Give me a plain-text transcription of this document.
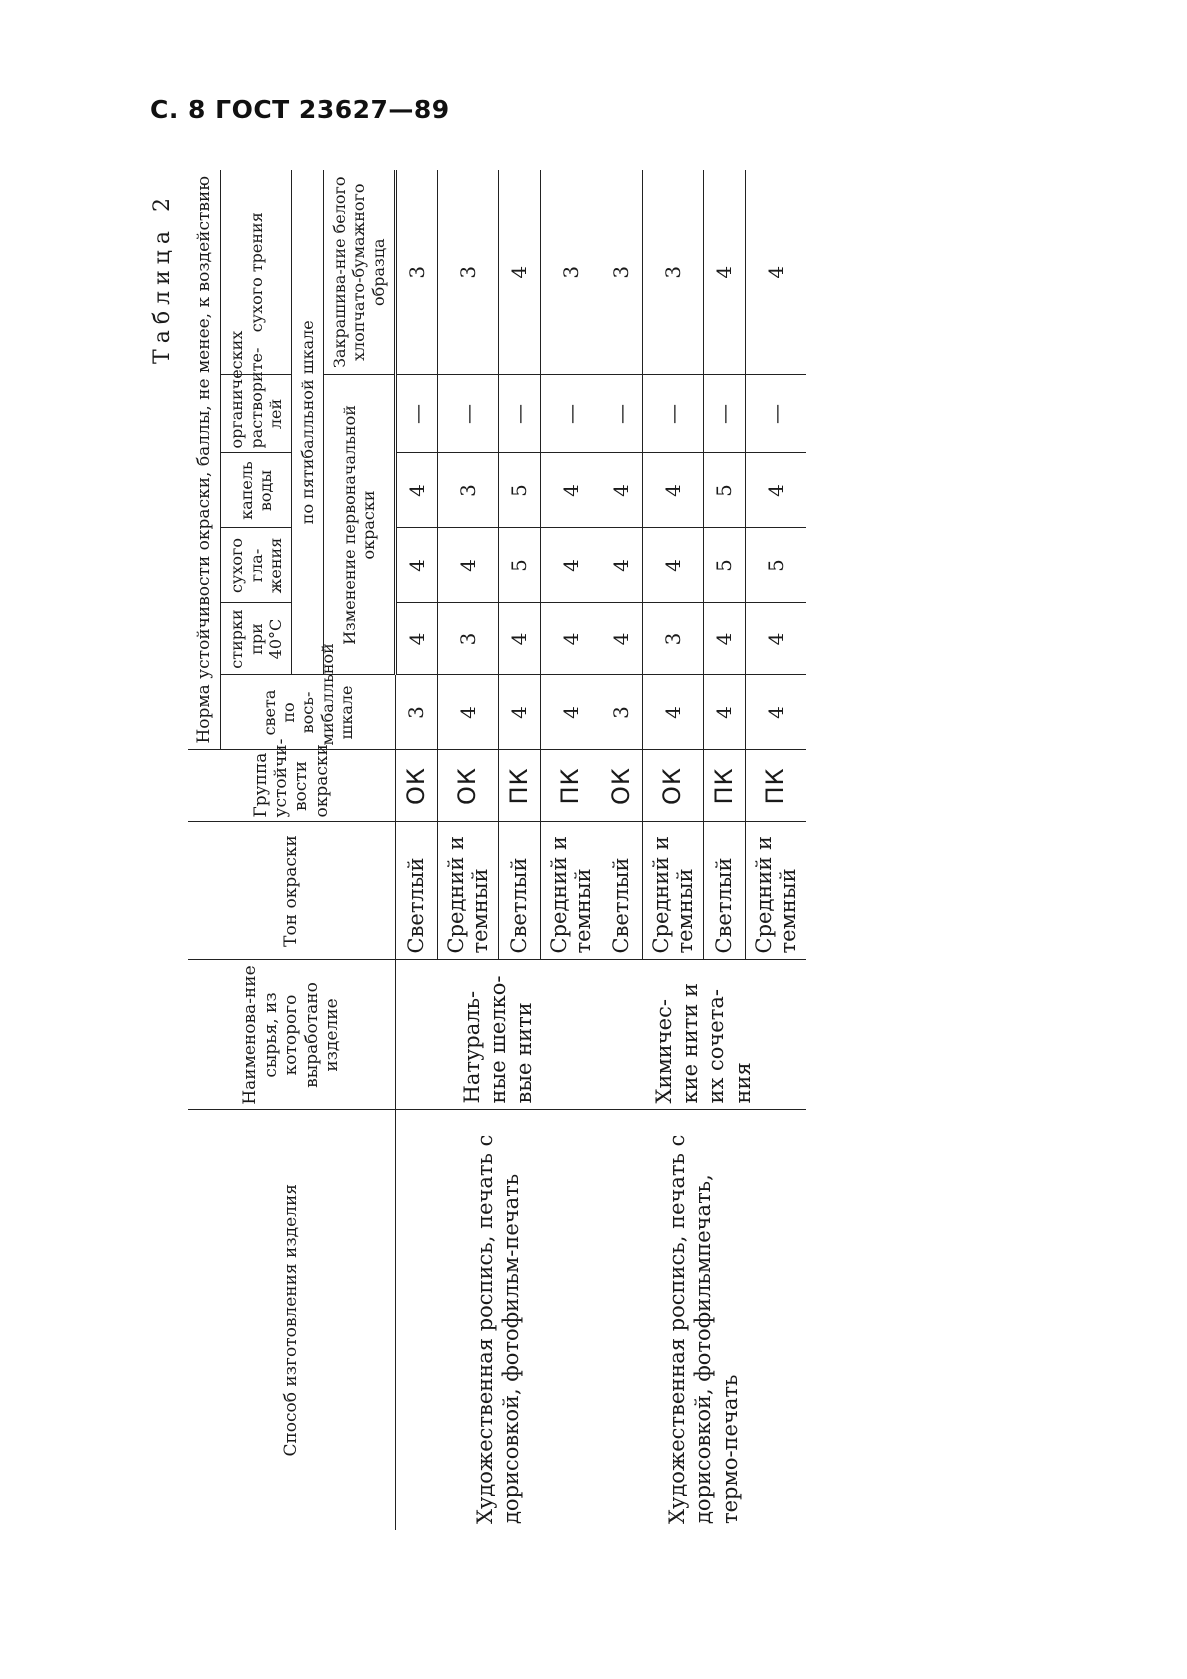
С. 8 ГОСТ 23627—89
Таблица 2
Способ изготовления изделия	Наименова-ние сырья, из которого выработано изделие	Тон окраски	Группа устойчи-вости окраски	Норма устойчивости окраски, баллы, не менее, к воздействию					
				света по вось-мибалльной шкале	стирки при 40°С	сухого гла-жения	капель воды	органических растворите-лей	сухого трения
					по пятибалльной шкале				
					Изменение первоначальной окраски				Закрашива-ние белого хлопчато-бумажного образца
Художественная роспись, печать с дорисовкой, фотофильм-печать	Натураль-ные шелко-вые нити	Светлый	ОК	3	4	4	4	—	3
		Средний и темный	ОК	4	3	4	3	—	3
		Светлый	ПК	4	4	5	5	—	4
		Средний и темный	ПК	4	4	4	4	—	3
Художественная роспись, печать с дорисовкой, фотофильмпечать, термо-печать	Химичес-кие нити и их сочета-ния	Светлый	ОК	3	4	4	4	—	3
		Средний и темный	ОК	4	3	4	4	—	3
		Светлый	ПК	4	4	5	5	—	4
		Средний и темный	ПК	4	4	5	4	—	4
